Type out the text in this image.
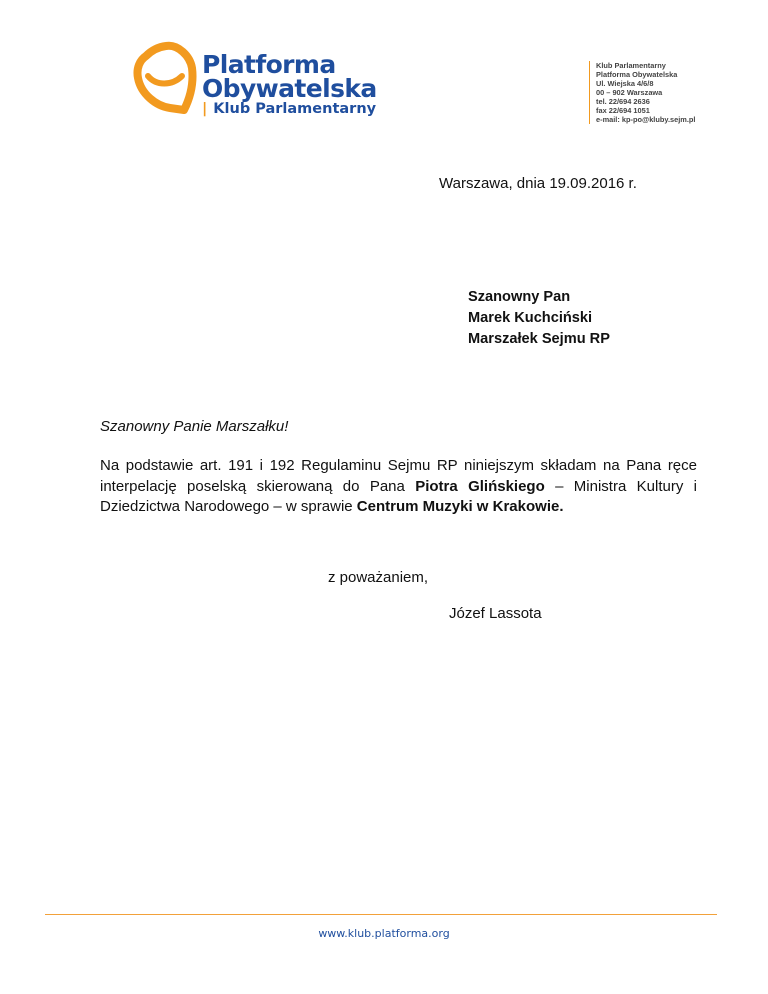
Platforma
Obywatelska
| Klub Parlamentarny
Klub Parlamentarny
Platforma Obywatelska
Ul. Wiejska 4/6/8
00 – 902 Warszawa
tel. 22/694 2636
fax 22/694 1051
e-mail: kp-po@kluby.sejm.pl
Warszawa, dnia 19.09.2016 r.
Szanowny Pan
Marek Kuchciński
Marszałek Sejmu RP
Szanowny Panie Marszałku!
Na podstawie art. 191 i 192 Regulaminu Sejmu RP niniejszym składam na Pana ręce interpelację poselską skierowaną do Pana Piotra Glińskiego – Ministra Kultury i Dziedzictwa Narodowego – w sprawie Centrum Muzyki w Krakowie.
z poważaniem,
Józef Lassota
www.klub.platforma.org
